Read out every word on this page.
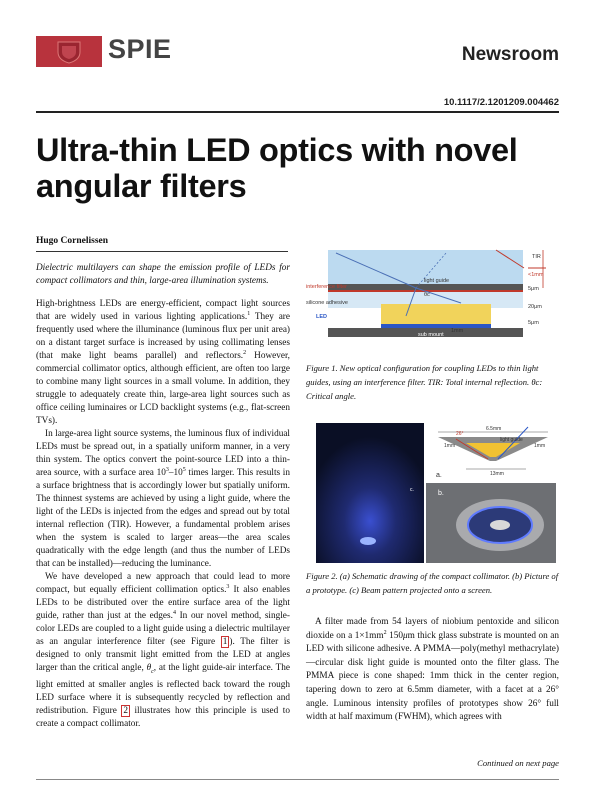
SPIE	Newsroom
10.1117/2.1201209.004462
Ultra-thin LED optics with novel
angular filters
Hugo Cornelissen

Dielectric multilayers can shape the emission profile of LEDs for compact collimators and thin, large-area illumination systems.

High-brightness LEDs are energy-efficient, compact light sources that are widely used in various lighting applications.$^1$ They are frequently used where the illuminance (luminous flux per unit area) on a distant target surface is increased by using collimating lenses (that make light beams parallel) and reflectors.$^2$ However, commercial collimator optics, although efficient, are often too large to combine many light sources in a small volume. In addition, they struggle to adequately create thin, large-area light sources such as office ceiling luminaires or LCD backlight systems (e.g., flat-screen TVs).

In large-area light source systems, the luminous flux of individual LEDs must be spread out, in a spatially uniform manner, in a very thin system. The optics convert the point-source LED into a thin-area source, with a surface area $10^3-10^5$ times larger. This results in a surface brightness that is accordingly lower but spatially uniform. The thinnest systems are achieved by using a light guide, where the light of the LEDs is injected from the edges and spread out by total internal reflection (TIR). However, a fundamental problem arises when the system is scaled to larger areas—the area scales quadratically with the edge length (and thus the number of LEDs that can be installed)—reducing the luminance.

We have developed a new approach that could lead to more compact, but equally efficient collimation optics.$^3$ It also enables LEDs to be distributed over the entire surface area of the light guide, rather than just at the edges.$^4$ In our novel method, single-color LEDs are coupled to a light guide using a dielectric multilayer as an angular interference filter (see Figure 1 ). The filter is designed to only transmit light emitted from the LED at angles larger than the critical angle, $\theta_c$, at the light guide-air interface. The light emitted at smaller angles is reflected back toward the rough LED surface where it is subsequently recycled by reflection and redistribution. Figure 2 illustrates how this principle is used to create a compact collimator.

TIR
<1mm
light guide
interference filter
θc
silicone adhesive
LED
sub mount
5μm
20μm
5μm
1mm
Figure 1. New optical configuration for coupling LEDs to thin light guides, using an interference filter. TIR: Total internal reflection. θc: Critical angle.
c.
6.5mm
1mm	1mm
26°
light guide
13mm
a.
b.
Figure 2. (a) Schematic drawing of the compact collimator. (b) Picture of a prototype. (c) Beam pattern projected onto a screen.

A filter made from 54 layers of niobium pentoxide and silicon dioxide on a $1\times 1mm^2$ 150μm thick glass substrate is mounted on an LED with silicone adhesive. A PMMA—poly(methyl methacrylate)—circular disk light guide is mounted onto the filter glass. The PMMA piece is cone shaped: 1mm thick in the center region, tapering down to zero at 6.5mm diameter, with a facet at a 26° angle. Luminous intensity profiles of prototypes show 26° full width at half maximum (FWHM), which agrees with

Continued on next page
